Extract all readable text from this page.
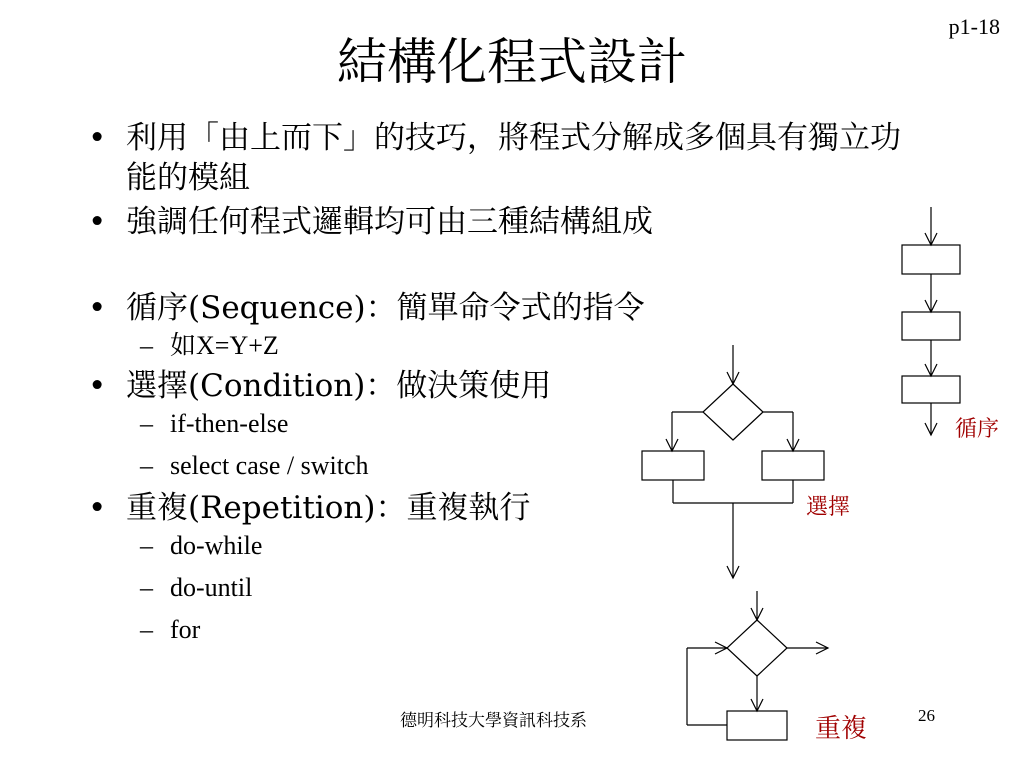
p1-18
結構化程式設計

• 利用「由上而下」的技巧，將程式分解成多個具有獨立功能的模組

• 強調任何程式邏輯均可由三種結構組成

• 循序(Sequence)：簡單命令式的指令

– 如X=Y+Z

• 選擇(Condition)：做決策使用

– if-then-else

– select case / switch

• 重複(Repetition)：重複執行

– do-while

– do-until

– for

循序
選擇
重複
德明科技大學資訊科技系	26
